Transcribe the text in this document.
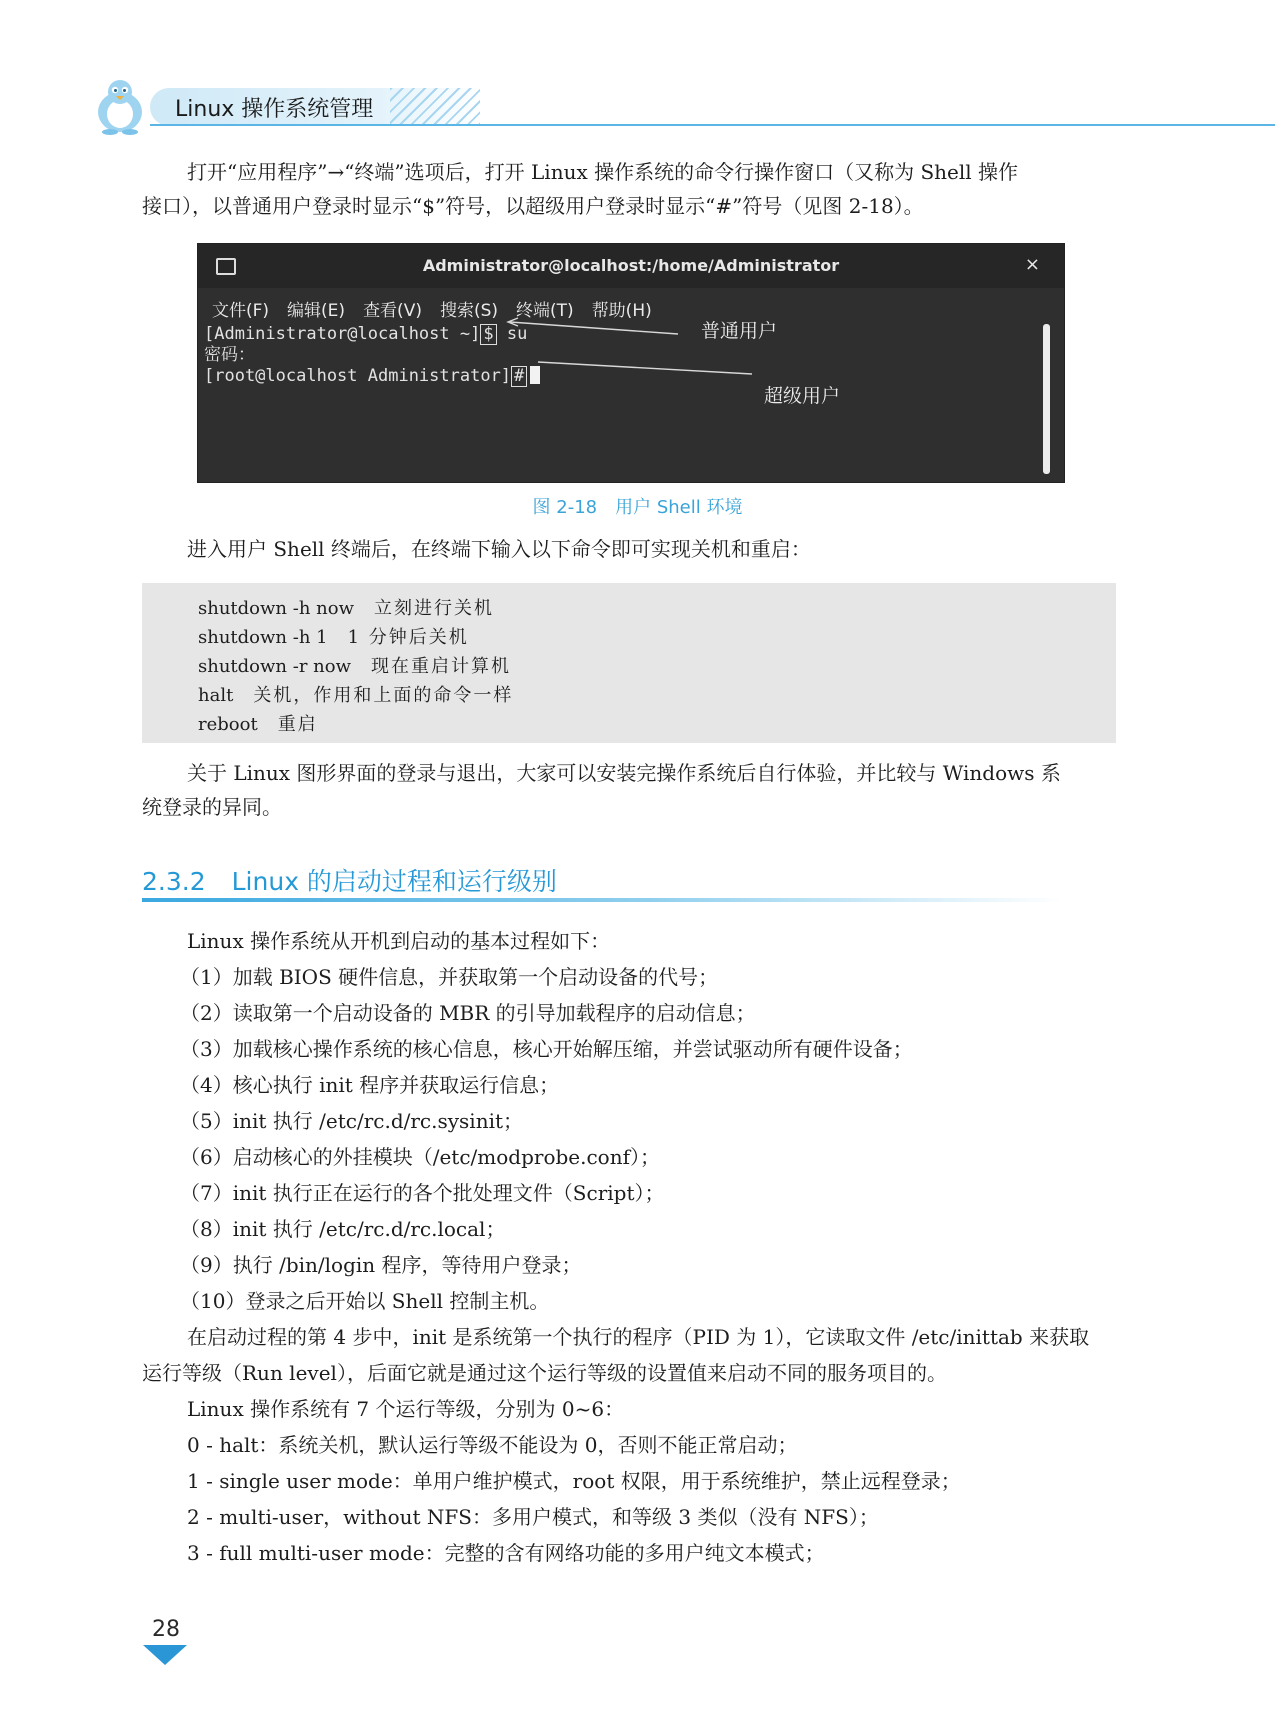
Linux 操作系统管理
打开“应用程序”→“终端”选项后，打开 Linux 操作系统的命令行操作窗口（又称为 Shell 操作
接口），以普通用户登录时显示“$”符号，以超级用户登录时显示“#”符号（见图 2-18）。
Administrator@localhost:/home/Administrator	×
文件(F) 编辑(E) 查看(V) 搜索(S) 终端(T) 帮助(H)
[Administrator@localhost ~] $ su
密码：
[root@localhost Administrator] #
普通用户
超级用户
图 2-18　用户 Shell 环境
进入用户 Shell 终端后，在终端下输入以下命令即可实现关机和重启：
shutdown -h now 立刻进行关机
shutdown -h 1 1 分钟后关机
shutdown -r now 现在重启计算机
halt 关机，作用和上面的命令一样
reboot 重启
关于 Linux 图形界面的登录与退出，大家可以安装完操作系统后自行体验，并比较与 Windows 系
统登录的异同。
2.3.2 Linux 的启动过程和运行级别
Linux 操作系统从开机到启动的基本过程如下：
（1）加载 BIOS 硬件信息，并获取第一个启动设备的代号；
（2）读取第一个启动设备的 MBR 的引导加载程序的启动信息；
（3）加载核心操作系统的核心信息，核心开始解压缩，并尝试驱动所有硬件设备；
（4）核心执行 init 程序并获取运行信息；
（5）init 执行 /etc/rc.d/rc.sysinit；
（6）启动核心的外挂模块（/etc/modprobe.conf）；
（7）init 执行正在运行的各个批处理文件（Script）；
（8）init 执行 /etc/rc.d/rc.local；
（9）执行 /bin/login 程序，等待用户登录；
（10）登录之后开始以 Shell 控制主机。
在启动过程的第 4 步中，init 是系统第一个执行的程序（PID 为 1），它读取文件 /etc/inittab 来获取
运行等级（Run level），后面它就是通过这个运行等级的设置值来启动不同的服务项目的。
Linux 操作系统有 7 个运行等级，分别为 0~6：
0 - halt：系统关机，默认运行等级不能设为 0，否则不能正常启动；
1 - single user mode：单用户维护模式，root 权限，用于系统维护，禁止远程登录；
2 - multi-user，without NFS：多用户模式，和等级 3 类似（没有 NFS）；
3 - full multi-user mode：完整的含有网络功能的多用户纯文本模式；
28
